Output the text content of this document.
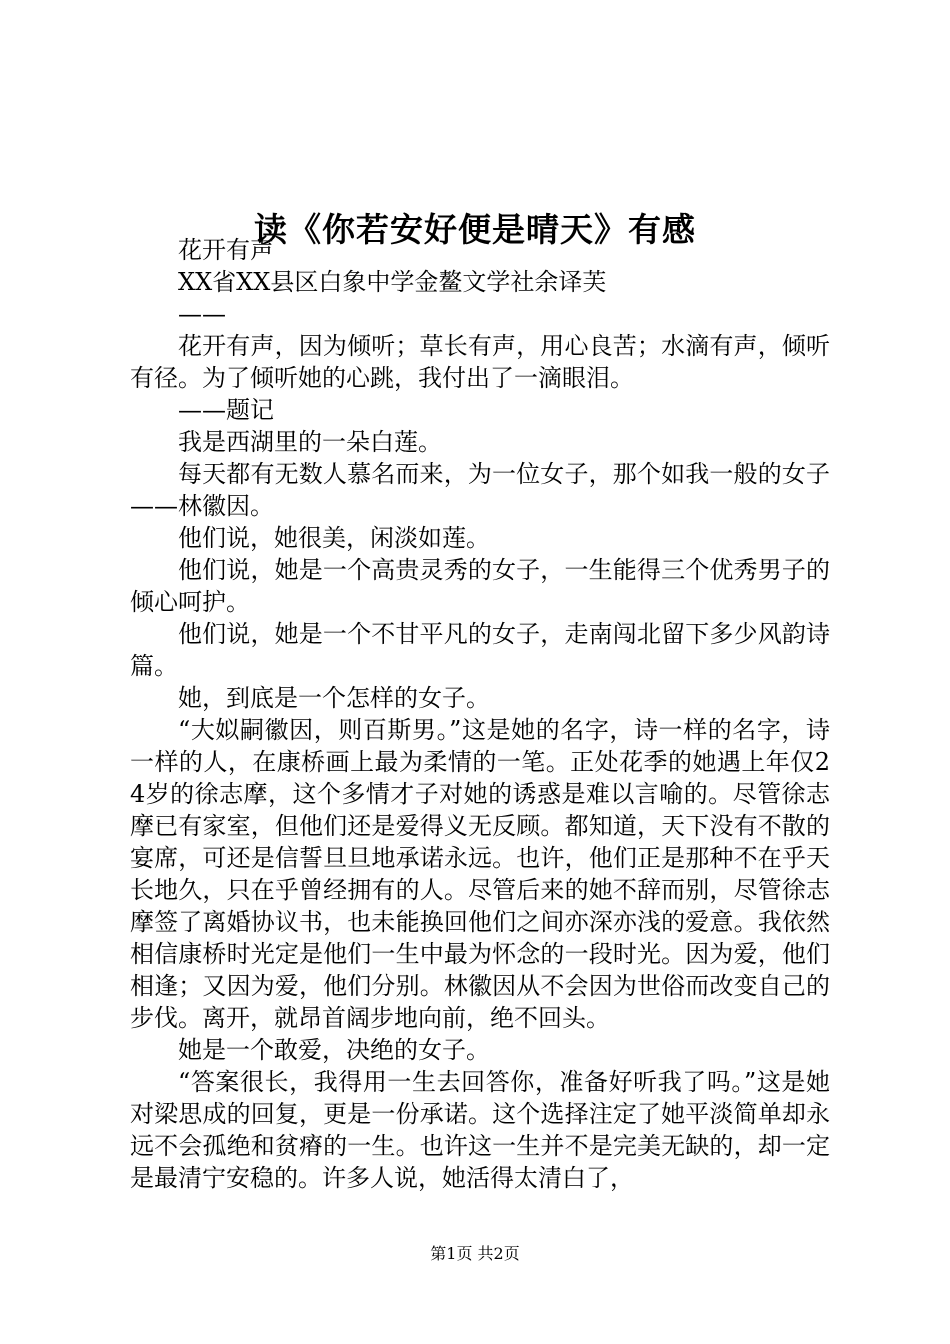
读《你若安好便是晴天》有感

花开有声

XX省XX县区白象中学金鳌文学社余译芙

——

花开有声，因为倾听；草长有声，用心良苦；水滴有声，倾听有径。为了倾听她的心跳，我付出了一滴眼泪。

——题记

我是西湖里的一朵白莲。

每天都有无数人慕名而来，为一位女子，那个如我一般的女子——林徽因。

他们说，她很美，闲淡如莲。

他们说，她是一个高贵灵秀的女子，一生能得三个优秀男子的倾心呵护。

他们说，她是一个不甘平凡的女子，走南闯北留下多少风韵诗篇。

她，到底是一个怎样的女子。

“大姒嗣徽因，则百斯男。”这是她的名字，诗一样的名字，诗一样的人，在康桥画上最为柔情的一笔。正处花季的她遇上年仅24岁的徐志摩，这个多情才子对她的诱惑是难以言喻的。尽管徐志摩已有家室，但他们还是爱得义无反顾。都知道，天下没有不散的宴席，可还是信誓旦旦地承诺永远。也许，他们正是那种不在乎天长地久，只在乎曾经拥有的人。尽管后来的她不辞而别，尽管徐志摩签了离婚协议书，也未能换回他们之间亦深亦浅的爱意。我依然相信康桥时光定是他们一生中最为怀念的一段时光。因为爱，他们相逢；又因为爱，他们分别。林徽因从不会因为世俗而改变自己的步伐。离开，就昂首阔步地向前，绝不回头。

她是一个敢爱，决绝的女子。

“答案很长，我得用一生去回答你，准备好听我了吗。”这是她对梁思成的回复，更是一份承诺。这个选择注定了她平淡简单却永远不会孤绝和贫瘠的一生。也许这一生并不是完美无缺的，却一定是最清宁安稳的。许多人说，她活得太清白了，

第1页 共2页
